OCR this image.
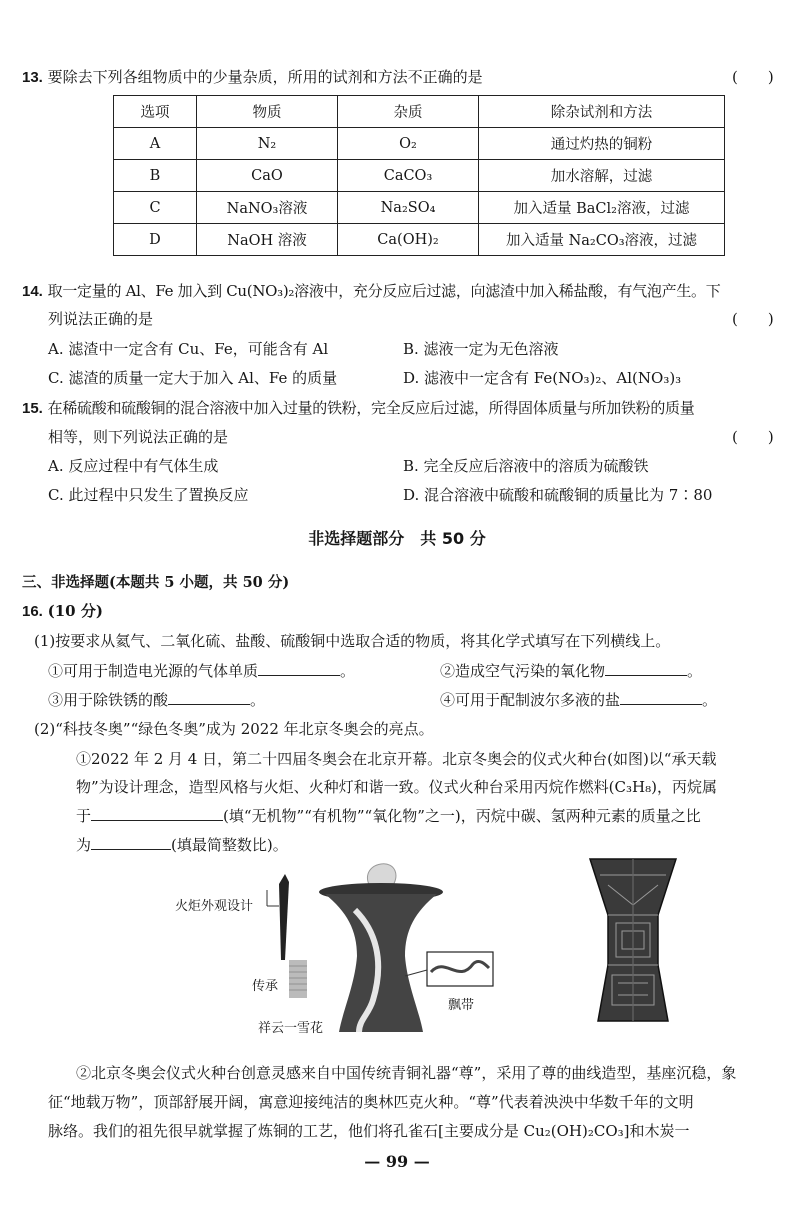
13. 要除去下列各组物质中的少量杂质，所用的试剂和方法不正确的是	(　　)
选项	物质	杂质	除杂试剂和方法
A	N₂	O₂	通过灼热的铜粉
B	CaO	CaCO₃	加水溶解，过滤
C	NaNO₃溶液	Na₂SO₄	加入适量 BaCl₂溶液，过滤
D	NaOH 溶液	Ca(OH)₂	加入适量 Na₂CO₃溶液，过滤
14. 取一定量的 Al、Fe 加入到 Cu(NO₃)₂溶液中，充分反应后过滤，向滤渣中加入稀盐酸，有气泡产生。下
列说法正确的是	(　　)
A. 滤渣中一定含有 Cu、Fe，可能含有 Al	B. 滤液一定为无色溶液
C. 滤渣的质量一定大于加入 Al、Fe 的质量	D. 滤液中一定含有 Fe(NO₃)₂、Al(NO₃)₃
15. 在稀硫酸和硫酸铜的混合溶液中加入过量的铁粉，完全反应后过滤，所得固体质量与所加铁粉的质量
相等，则下列说法正确的是	(　　)
A. 反应过程中有气体生成	B. 完全反应后溶液中的溶质为硫酸铁
C. 此过程中只发生了置换反应	D. 混合溶液中硫酸和硫酸铜的质量比为 7∶80
非选择题部分　共 50 分
三、非选择题(本题共 5 小题，共 50 分)
16. (10 分)
(1)按要求从氦气、二氧化硫、盐酸、硫酸铜中选取合适的物质，将其化学式填写在下列横线上。
①可用于制造电光源的气体单质	。	②造成空气污染的氧化物	。
③用于除铁锈的酸	。	④可用于配制波尔多液的盐	。
(2)“科技冬奥”“绿色冬奥”成为 2022 年北京冬奥会的亮点。
①2022 年 2 月 4 日，第二十四届冬奥会在北京开幕。北京冬奥会的仪式火种台(如图)以“承天载
物”为设计理念，造型风格与火炬、火种灯和谐一致。仪式火种台采用丙烷作燃料(C₃H₈)，丙烷属
于	(填“无机物”“有机物”“氧化物”之一)，丙烷中碳、氢两种元素的质量之比
为	(填最简整数比)。
火炬外观设计
传承
祥云一雪花
飘带
②北京冬奥会仪式火种台创意灵感来自中国传统青铜礼器“尊”，采用了尊的曲线造型，基座沉稳，象
征“地载万物”，顶部舒展开阔，寓意迎接纯洁的奥林匹克火种。“尊”代表着泱泱中华数千年的文明
脉络。我们的祖先很早就掌握了炼铜的工艺，他们将孔雀石[主要成分是 Cu₂(OH)₂CO₃]和木炭一
— 99 —
